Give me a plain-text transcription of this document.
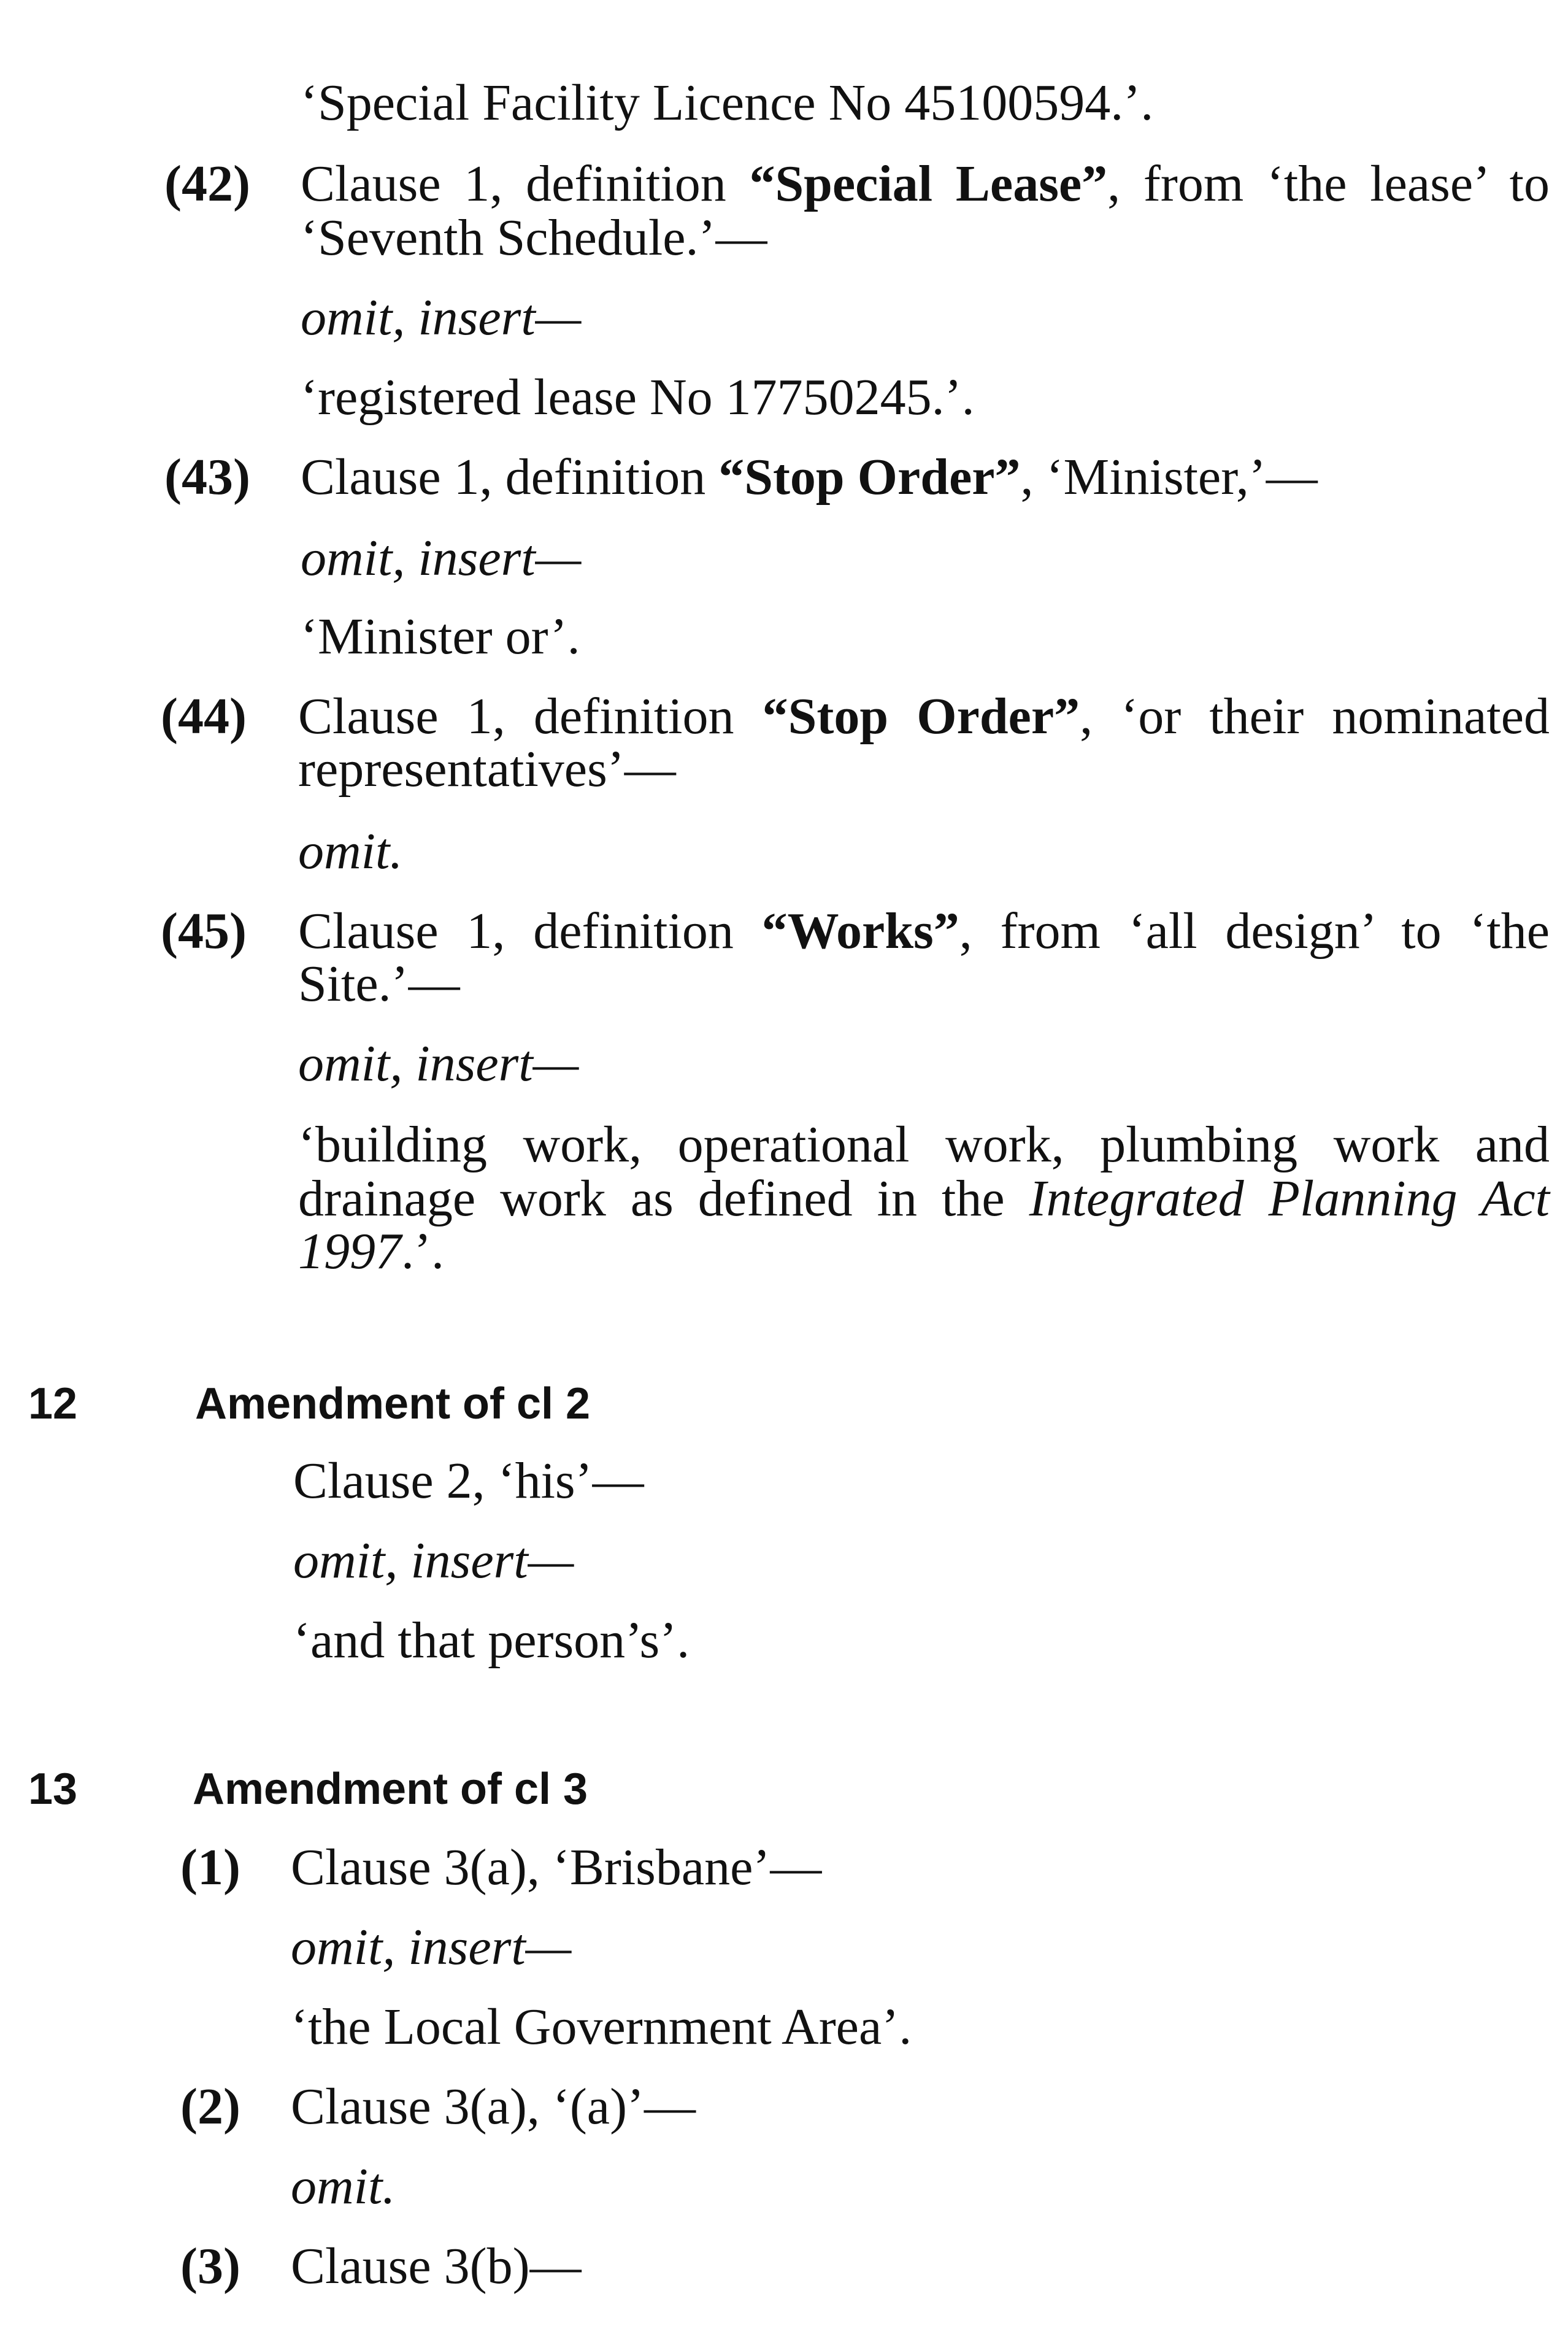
‘Special Facility Licence No 45100594.’.
(42) Clause 1, definition “Special Lease”, from ‘the lease’ to
‘Seventh Schedule.’—
omit, insert—
‘registered lease No 17750245.’.
(43) Clause 1, definition “Stop Order”, ‘Minister,’—
omit, insert—
‘Minister or’.
(44) Clause 1, definition “Stop Order”, ‘or their nominated
representatives’—
omit.
(45) Clause 1, definition “Works”, from ‘all design’ to ‘the
Site.’—
omit, insert—
‘building work, operational work, plumbing work and
drainage work as defined in the Integrated Planning Act
1997.’.
12	Amendment of cl 2
Clause 2, ‘his’—
omit, insert—
‘and that person’s’.
13	Amendment of cl 3
(1) Clause 3(a), ‘Brisbane’—
omit, insert—
‘the Local Government Area’.
(2) Clause 3(a), ‘(a)’—
omit.
(3) Clause 3(b)—
